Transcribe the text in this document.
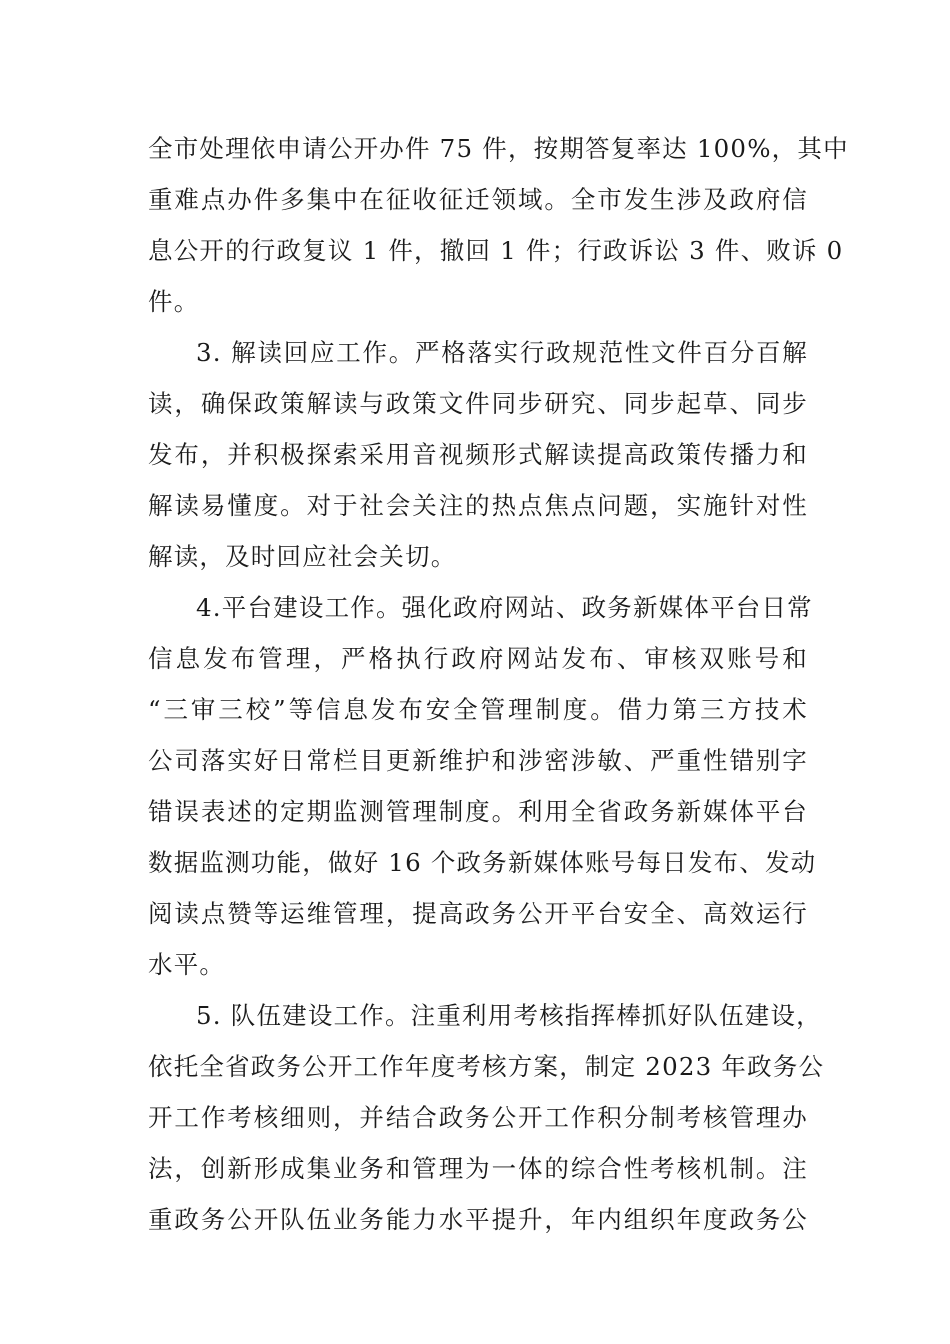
全市处理依申请公开办件 75 件，按期答复率达 100%，其中
重难点办件多集中在征收征迁领域。全市发生涉及政府信
息公开的行政复议 1 件，撤回 1 件；行政诉讼 3 件、败诉 0
件。
3. 解读回应工作。严格落实行政规范性文件百分百解
读，确保政策解读与政策文件同步研究、同步起草、同步
发布，并积极探索采用音视频形式解读提高政策传播力和
解读易懂度。对于社会关注的热点焦点问题，实施针对性
解读，及时回应社会关切。
4.平台建设工作。强化政府网站、政务新媒体平台日常
信息发布管理，严格执行政府网站发布、审核双账号和
“三审三校”等信息发布安全管理制度。借力第三方技术
公司落实好日常栏目更新维护和涉密涉敏、严重性错别字
错误表述的定期监测管理制度。利用全省政务新媒体平台
数据监测功能，做好 16 个政务新媒体账号每日发布、发动
阅读点赞等运维管理，提高政务公开平台安全、高效运行
水平。
5. 队伍建设工作。注重利用考核指挥棒抓好队伍建设，
依托全省政务公开工作年度考核方案，制定 2023 年政务公
开工作考核细则，并结合政务公开工作积分制考核管理办
法，创新形成集业务和管理为一体的综合性考核机制。注
重政务公开队伍业务能力水平提升，年内组织年度政务公
